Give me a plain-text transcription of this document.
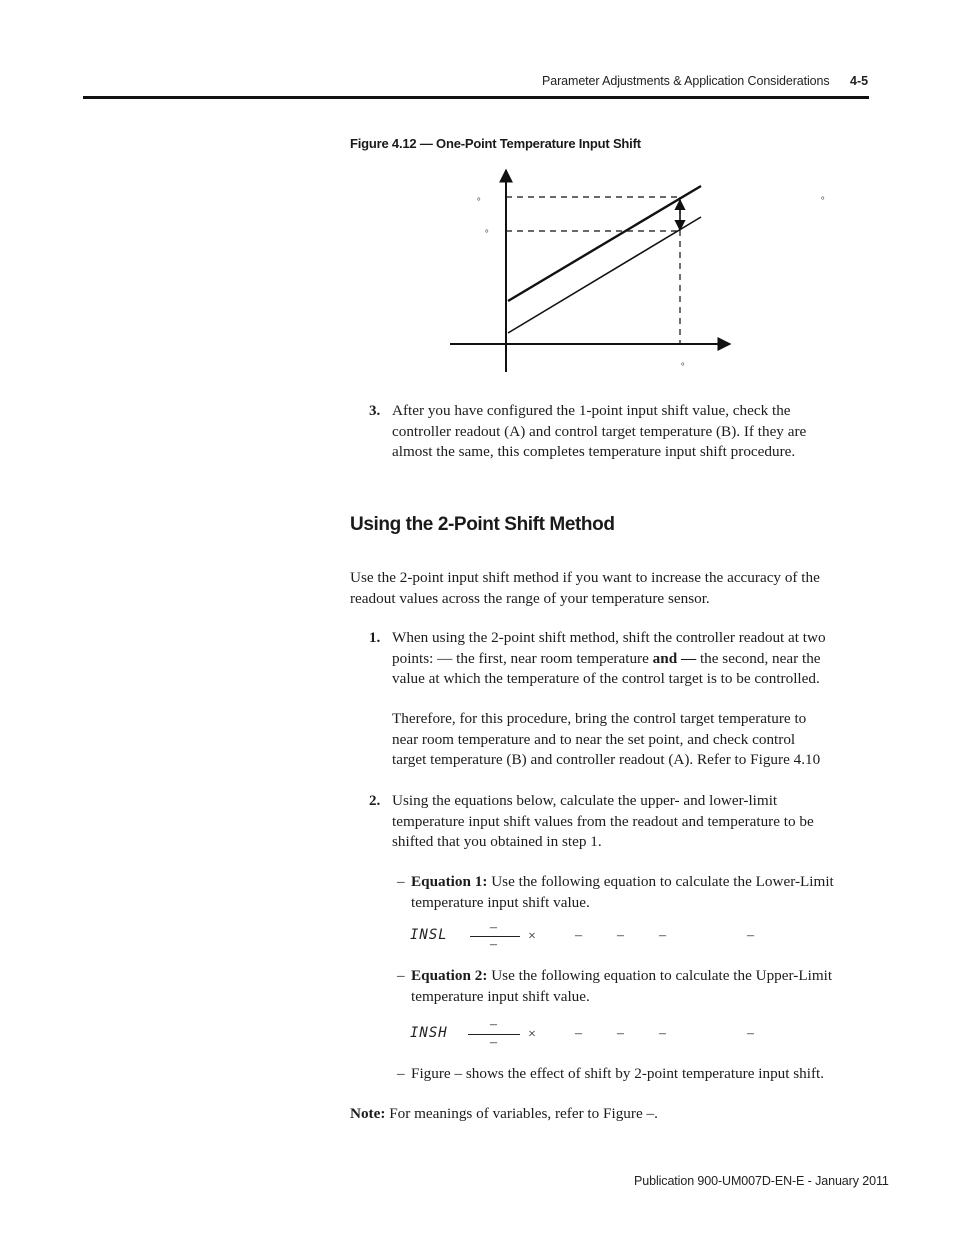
Parameter Adjustments & Application Considerations 4-5
Figure 4.12 — One-Point Temperature Input Shift
°
°
°
°
3. After you have configured the 1-point input shift value, check the
controller readout (A) and control target temperature (B). If they are
almost the same, this completes temperature input shift procedure.
Using the 2-Point Shift Method
Use the 2-point input shift method if you want to increase the accuracy of the
readout values across the range of your temperature sensor.
1. When using the 2-point shift method, shift the controller readout at two
points: — the first, near room temperature and — the second, near the
value at which the temperature of the control target is to be controlled.
Therefore, for this procedure, bring the control target temperature to
near room temperature and to near the set point, and check control
target temperature (B) and controller readout (A). Refer to Figure 4.10
2. Using the equations below, calculate the upper- and lower-limit
temperature input shift values from the readout and temperature to be
shifted that you obtained in step 1.
– Equation 1: Use the following equation to calculate the Lower-Limit
temperature input shift value.
INSL	–
–
×	–	–	–	–
– Equation 2: Use the following equation to calculate the Upper-Limit
temperature input shift value.
INSH
–
–
×	–	–	–	–
– Figure – shows the effect of shift by 2-point temperature input shift.
Note: For meanings of variables, refer to Figure –.
Publication 900-UM007D-EN-E - January 2011
